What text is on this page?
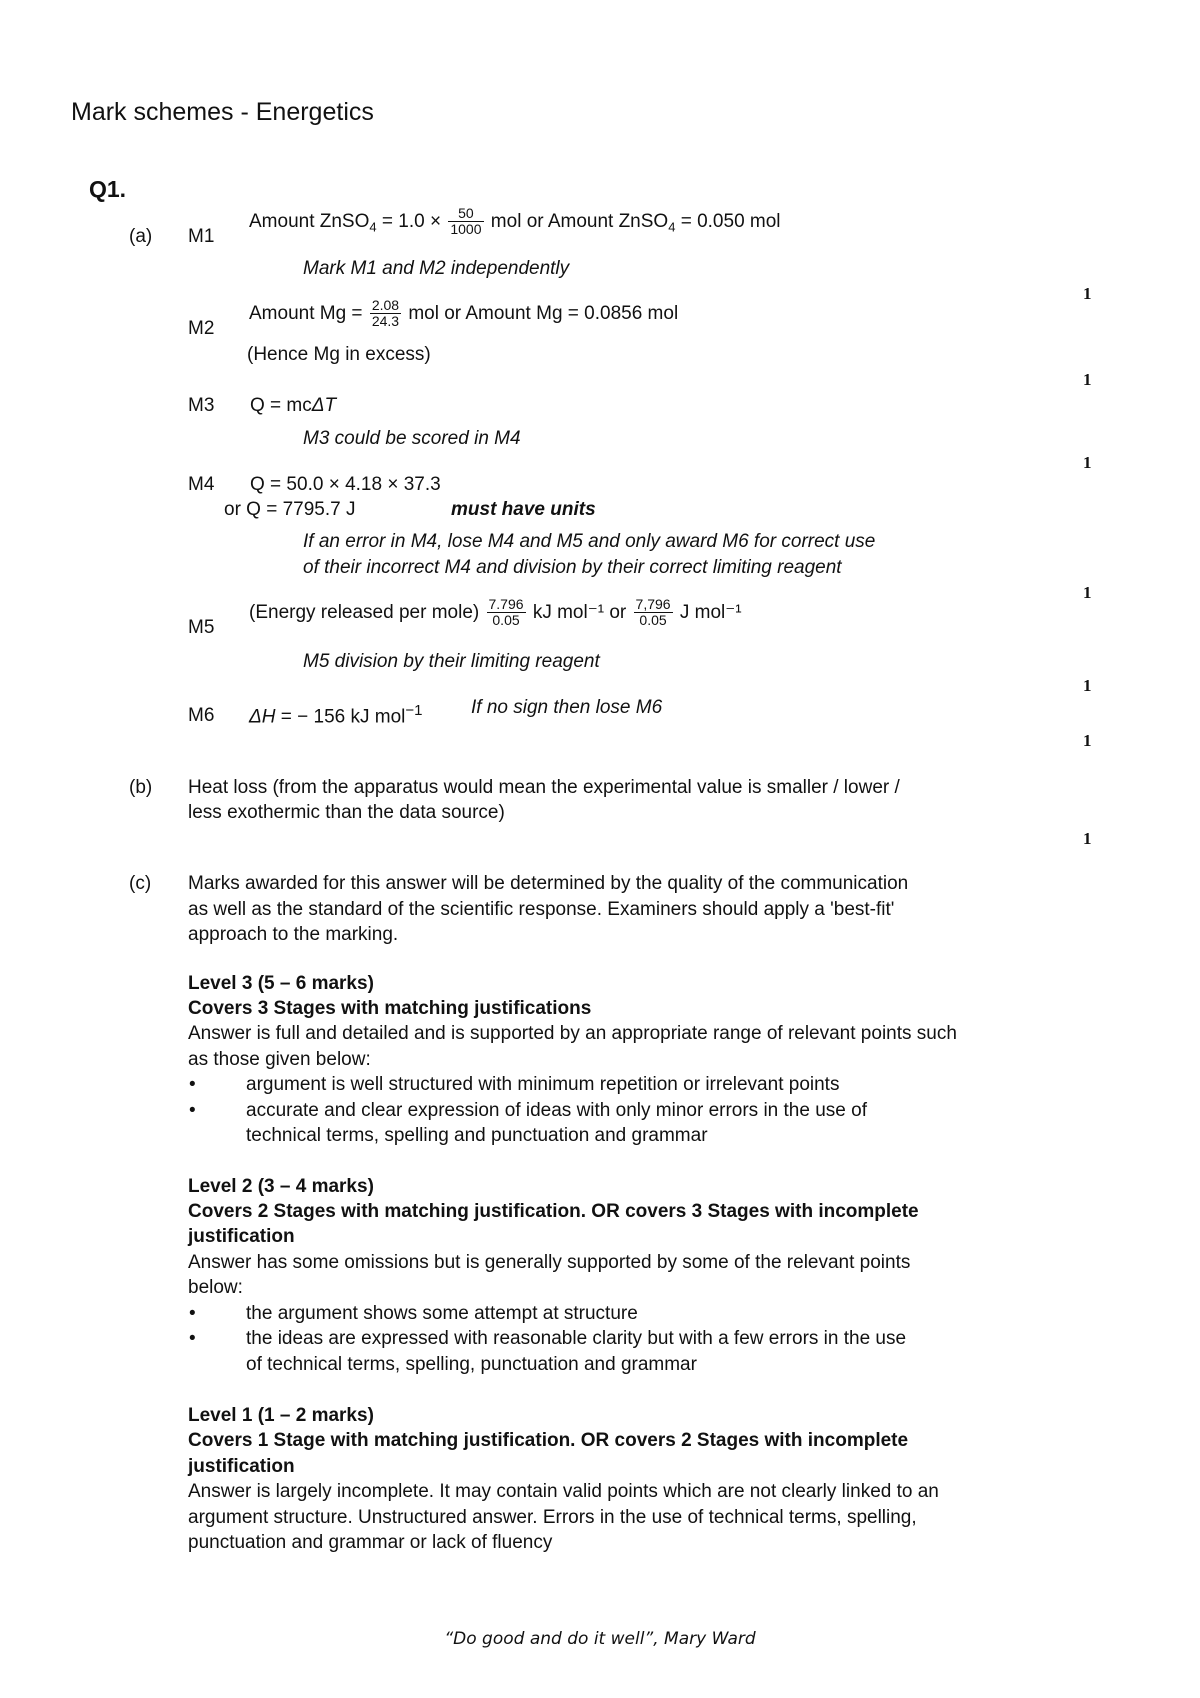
Mark schemes - Energetics
Q1.
(a) M1
Amount ZnSO$_4$ = $1.0 \times \frac{50}{1000}$ mol or Amount ZnSO$_4$ = 0.050 mol
Mark M1 and M2 independently
1
M2
Amount $Mg = \frac{2.08}{24.3}$ mol or Amount Mg = 0.0856 mol
(Hence Mg in excess)
1
M3 Q = mcΔT
M3 could be scored in M4
1
M4 Q = 50.0 × 4.18 × 37.3
or Q = 7795.7 J	must have units
If an error in M4, lose M4 and M5 and only award M6 for correct use
of their incorrect M4 and division by their correct limiting reagent
1
M5
(Energy released per mole) $\frac{7.796}{0.05}$ kJ mol⁻¹ or $\frac{7,796}{0.05}$ J mol⁻¹
M5 division by their limiting reagent
1
M6 ΔH = − 156 kJ mol$^{-1}$	If no sign then lose M6
1
(b) Heat loss (from the apparatus would mean the experimental value is smaller / lower /
less exothermic than the data source)
1
(c) Marks awarded for this answer will be determined by the quality of the communication
as well as the standard of the scientific response. Examiners should apply a 'best-fit'
approach to the marking.
Level 3 (5 – 6 marks)
Covers 3 Stages with matching justifications
Answer is full and detailed and is supported by an appropriate range of relevant points such
as those given below:
•	argument is well structured with minimum repetition or irrelevant points
•	accurate and clear expression of ideas with only minor errors in the use of
technical terms, spelling and punctuation and grammar
Level 2 (3 – 4 marks)
Covers 2 Stages with matching justification. OR covers 3 Stages with incomplete
justification
Answer has some omissions but is generally supported by some of the relevant points
below:
•	the argument shows some attempt at structure
•	the ideas are expressed with reasonable clarity but with a few errors in the use
of technical terms, spelling, punctuation and grammar
Level 1 (1 – 2 marks)
Covers 1 Stage with matching justification. OR covers 2 Stages with incomplete
justification
Answer is largely incomplete. It may contain valid points which are not clearly linked to an
argument structure. Unstructured answer. Errors in the use of technical terms, spelling,
punctuation and grammar or lack of fluency
“Do good and do it well”, Mary Ward
